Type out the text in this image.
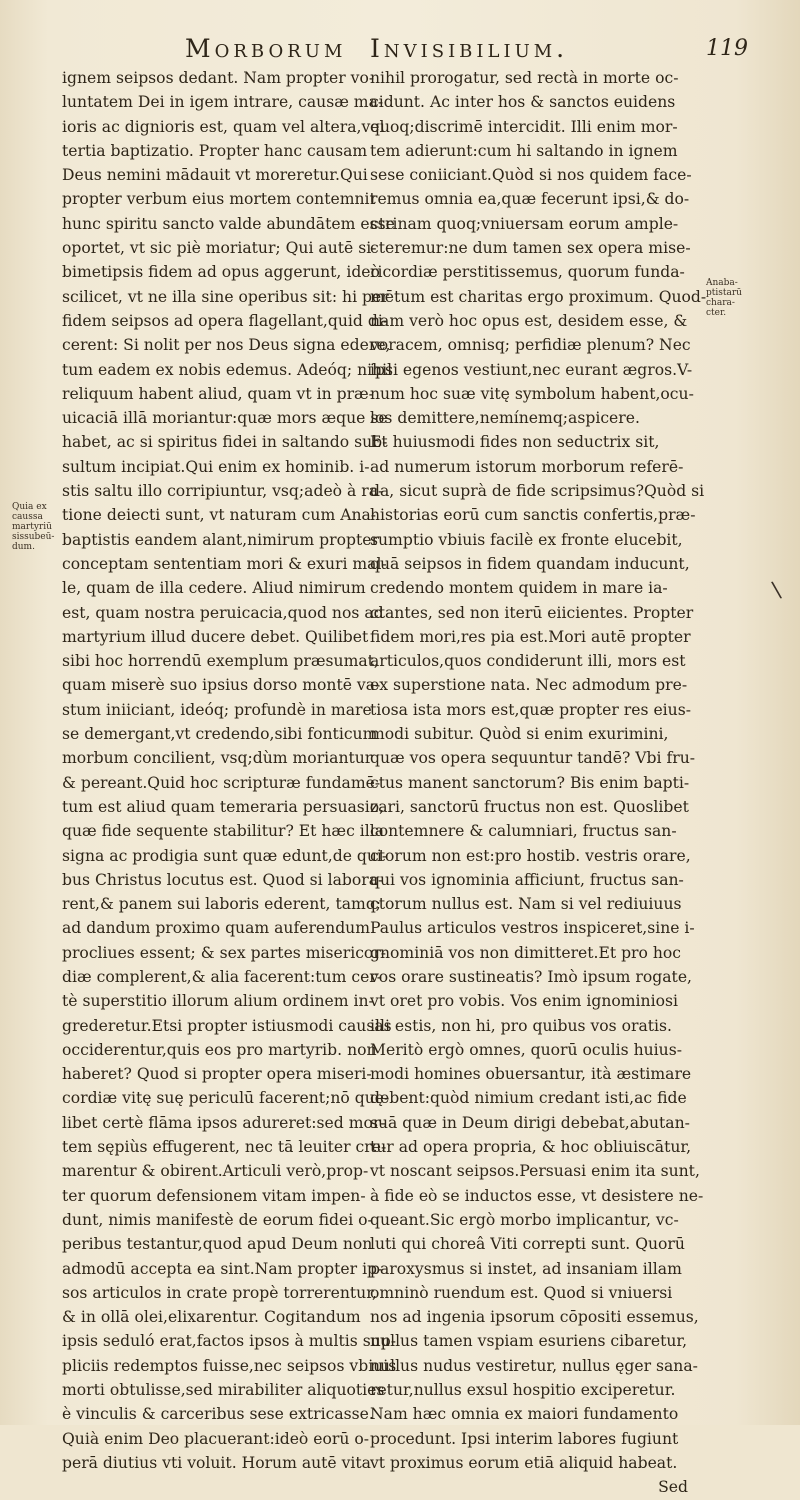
Morborum Invisibilium.	119
ignem seipsos dedant. Nam propter vo-
luntatem Dei in igem intrare, causæ ma-
ioris ac dignioris est, quam vel altera,vel
tertia baptizatio. Propter hanc causam
Deus nemini mādauit vt moreretur.Qui
propter verbum eius mortem contemnit
hunc spiritu sancto valde abundātem esse
oportet, vt sic piè moriatur; Qui autē si-
bimetipsis fidem ad opus aggerunt, ideò
scilicet, vt ne illa sine operibus sit: hi per
fidem seipsos ad opera flagellant,quid di-
cerent: Si nolit per nos Deus signa edere,
tum eadem ex nobis edemus. Adeóq; nihil
reliquum habent aliud, quam vt in præ-
uicaciā illā moriantur:quæ mors æque se
habet, ac si spiritus fidei in saltando sub-
sultum incipiat.Qui enim ex hominib. i-
stis saltu illo corripiuntur, vsq;adeò à ra-
tione deiecti sunt, vt naturam cum Ana-
baptistis eandem alant,nimirum propter
conceptam sententiam mori & exuri mal-
le, quam de illa cedere. Aliud nimirum
est, quam nostra peruicacia,quod nos ad
martyrium illud ducere debet. Quilibet
sibi hoc horrendū exemplum præsumat,
quam miserè suo ipsius dorso montē va-
stum iniiciant, ideóq; profundè in mare
se demergant,vt credendo,sibi fonticum
morbum concilient, vsq;dùm moriantur
& pereant.Quid hoc scripturæ fundamē-
tum est aliud quam temeraria persuasio,
quæ fide sequente stabilitur? Et hæc illa
signa ac prodigia sunt quæ edunt,de qui-
bus Christus locutus est. Quod si labora-
rent,& panem sui laboris ederent, tamq;
ad dandum proximo quam auferendum
procliues essent; & sex partes misericor-
diæ complerent,& alia facerent:tum cer-
tè superstitio illorum alium ordinem in-
grederetur.Etsi propter istiusmodi causas
occiderentur,quis eos pro martyrib. non
haberet? Quod si propter opera miseri-
cordiæ vitę suę periculū facerent;nō quę-
libet certè flāma ipsos adureret:sed mor-
tem sępiùs effugerent, nec tā leuiter cre-
marentur & obirent.Articuli verò,prop-
ter quorum defensionem vitam impen-
dunt, nimis manifestè de eorum fidei o-
peribus testantur,quod apud Deum non
admodū accepta ea sint.Nam propter ip-
sos articulos in crate propè torrerentur,
& in ollā olei,elixarentur. Cogitandum
ipsis seduló erat,factos ipsos à multis sup-
pliciis redemptos fuisse,nec seipsos vbiuis
morti obtulisse,sed mirabiliter aliquoties
è vinculis & carceribus sese extricasse.
Quià enim Deo placuerant:ideò eorū o-
perā diutius vti voluit. Horum autē vita
nihil prorogatur, sed rectà in morte oc-
cidunt. Ac inter hos & sanctos euidens
quoq;discrimē intercidit. Illi enim mor-
tem adierunt:cum hi saltando in ignem
sese coniiciant.Quòd si nos quidem face-
remus omnia ea,quæ fecerunt ipsi,& do-
ctrinam quoq;vniuersam eorum ample-
cteremur:ne dum tamen sex opera mise-
ricordiæ perstitissemus, quorum funda-
mētum est charitas ergo proximum. Quod-
nam verò hoc opus est, desidem esse, &
voracem, omnisq; perfidiæ plenum? Nec
ipsi egenos vestiunt,nec eurant ægros.V-
num hoc suæ vitę symbolum habent,ocu-
los demittere,nemínemq;aspicere.
Et huiusmodi fides non seductrix sit,
ad numerum istorum morborum referē-
da, sicut suprà de fide scripsimus?Quòd si
historias eorū cum sanctis confertis,præ-
sumptio vbiuis facilè ex fronte elucebit,
quā seipsos in fidem quandam inducunt,
credendo montem quidem in mare ia-
ctantes, sed non iterū eiicientes. Propter
fidem mori,res pia est.Mori autē propter
articulos,quos condiderunt illi, mors est
ex superstione nata. Nec admodum pre-
tiosa ista mors est,quæ propter res eius-
modi subitur. Quòd si enim exurimini,
quæ vos opera sequuntur tandē? Vbi fru-
ctus manent sanctorum? Bis enim bapti-
zari, sanctorū fructus non est. Quoslibet
contemnere & calumniari, fructus san-
ctorum non est:pro hostib. vestris orare,
qui vos ignominia afficiunt, fructus san-
ctorum nullus est. Nam si vel rediuiuus
Paulus articulos vestros inspiceret,sine i-
gnominiā vos non dimitteret.Et pro hoc
vos orare sustineatis? Imò ipsum rogate,
vt oret pro vobis. Vos enim ignominiosi
illi estis, non hi, pro quibus vos oratis.
Meritò ergò omnes, quorū oculis huius-
modi homines obuersantur, ità æstimare
debent:quòd nimium credant isti,ac fide
suā quæ in Deum dirigi debebat,abutan-
tur ad opera propria, & hoc obliuiscātur,
vt noscant seipsos.Persuasi enim ita sunt,
à fide eò se inductos esse, vt desistere ne-
queant.Sic ergò morbo implicantur, vc-
luti qui choreâ Viti correpti sunt. Quorū
paroxysmus si instet, ad insaniam illam
omninò ruendum est. Quod si vniuersi
nos ad ingenia ipsorum cōpositi essemus,
nullus tamen vspiam esuriens cibaretur,
nullus nudus vestiretur, nullus ęger sana-
retur,nullus exsul hospitio exciperetur.
Nam hæc omnia ex maiori fundamento
procedunt. Ipsi interim labores fugiunt
vt proximus eorum etiā aliquid habeat.
Sed
Quia ex
caussa
martyriū
sissubeū-
dum.
Anaba-
ptistarū
chara-
cter.
\
